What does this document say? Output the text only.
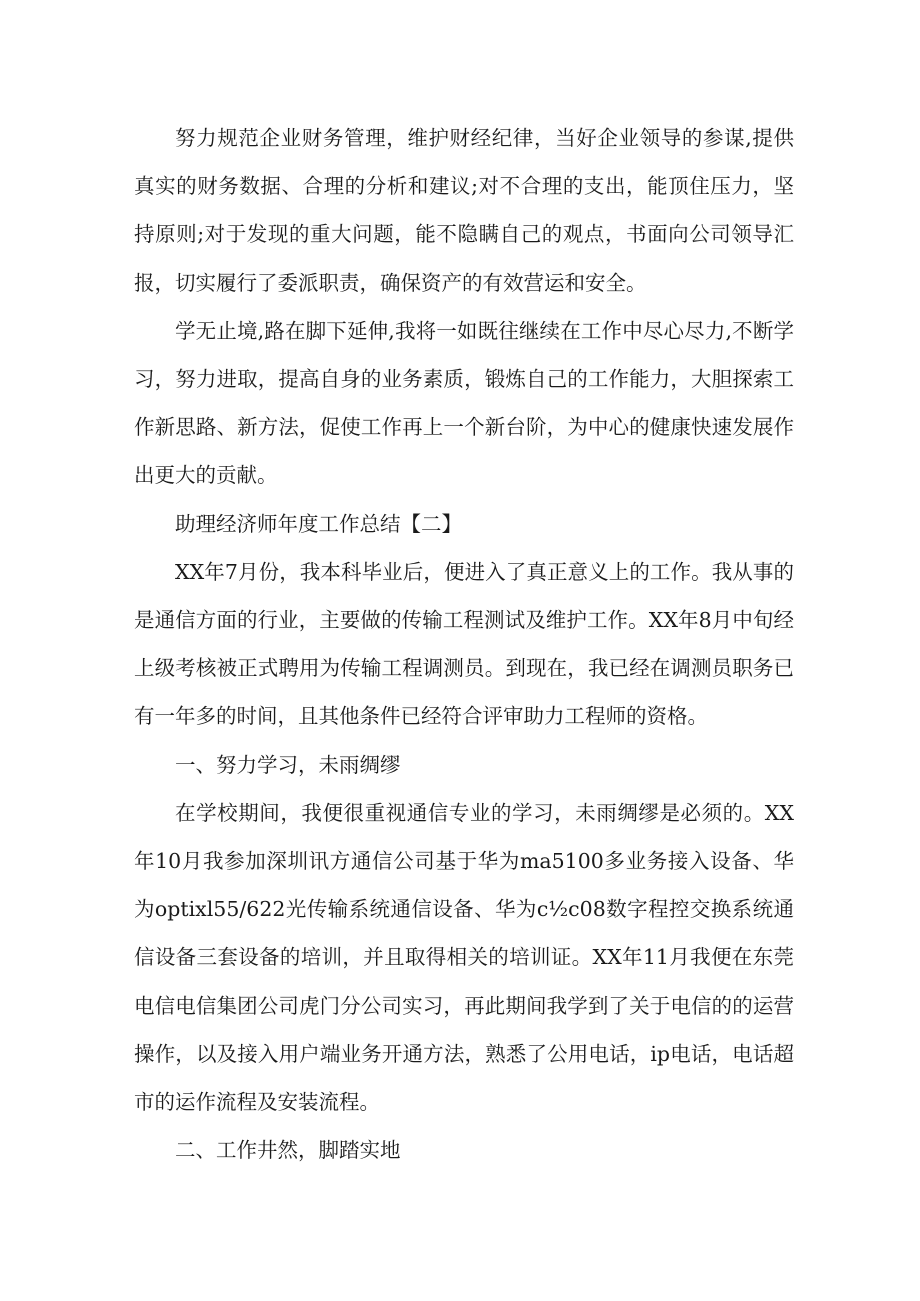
努力规范企业财务管理，维护财经纪律，当好企业领导的参谋,提供真实的财务数据、合理的分析和建议;对不合理的支出，能顶住压力，坚持原则;对于发现的重大问题，能不隐瞒自己的观点，书面向公司领导汇报，切实履行了委派职责，确保资产的有效营运和安全。

学无止境,路在脚下延伸,我将一如既往继续在工作中尽心尽力,不断学习，努力进取，提高自身的业务素质，锻炼自己的工作能力，大胆探索工作新思路、新方法，促使工作再上一个新台阶，为中心的健康快速发展作出更大的贡献。

助理经济师年度工作总结【二】

XX年7月份，我本科毕业后，便进入了真正意义上的工作。我从事的是通信方面的行业，主要做的传输工程测试及维护工作。XX年8月中旬经上级考核被正式聘用为传输工程调测员。到现在，我已经在调测员职务已有一年多的时间，且其他条件已经符合评审助力工程师的资格。

一、努力学习，未雨绸缪

在学校期间，我便很重视通信专业的学习，未雨绸缪是必须的。XX年10月我参加深圳讯方通信公司基于华为ma5100多业务接入设备、华为optixl55/622光传输系统通信设备、华为c½c08数字程控交换系统通信设备三套设备的培训，并且取得相关的培训证。XX年11月我便在东莞电信电信集团公司虎门分公司实习，再此期间我学到了关于电信的的运营操作，以及接入用户端业务开通方法，熟悉了公用电话，ip电话，电话超市的运作流程及安装流程。

二、工作井然，脚踏实地
